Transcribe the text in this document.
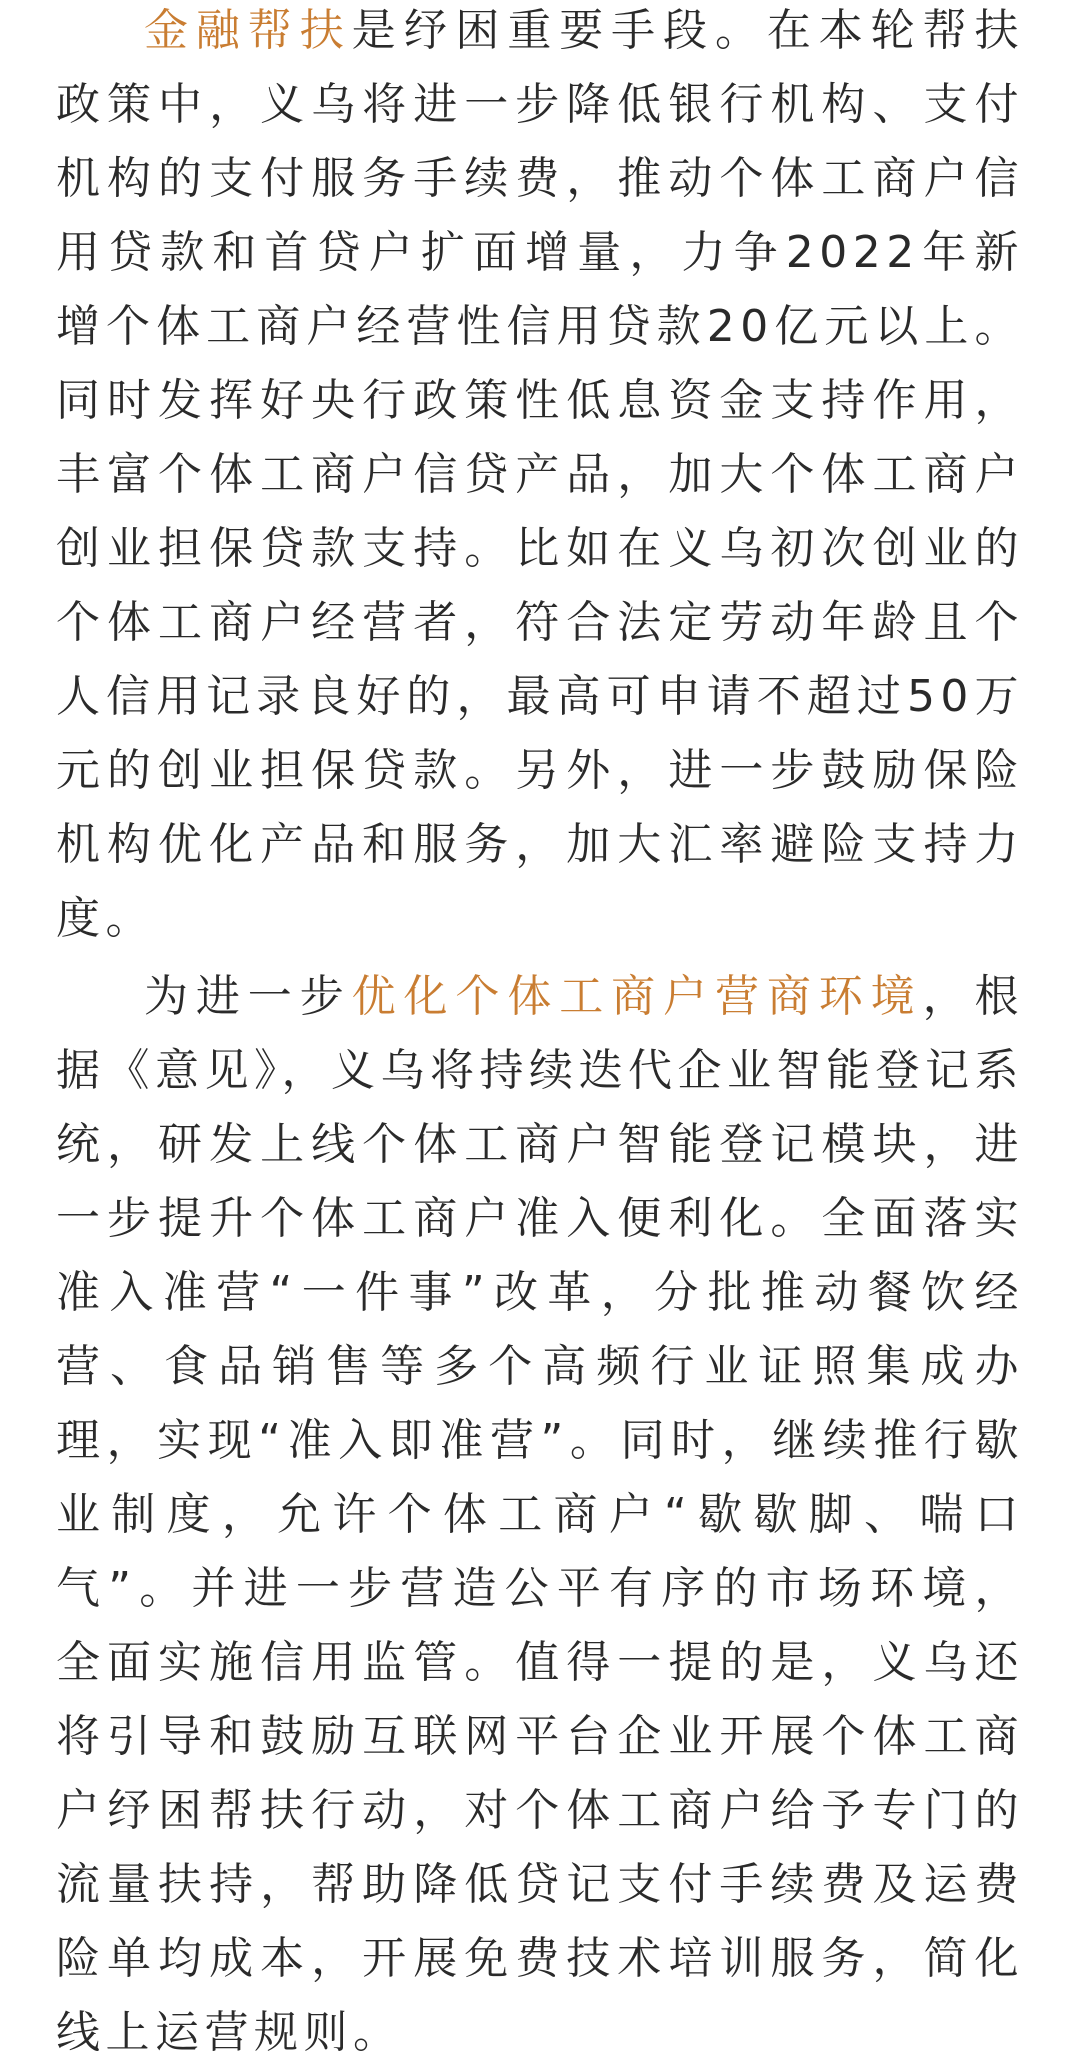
金融帮扶是纾困重要手段。在本轮帮扶政策中，义乌将进一步降低银行机构、支付机构的支付服务手续费，推动个体工商户信用贷款和首贷户扩面增量，力争2022年新增个体工商户经营性信用贷款20亿元以上。同时发挥好央行政策性低息资金支持作用，丰富个体工商户信贷产品，加大个体工商户创业担保贷款支持。比如在义乌初次创业的个体工商户经营者，符合法定劳动年龄且个人信用记录良好的，最高可申请不超过50万元的创业担保贷款。另外，进一步鼓励保险机构优化产品和服务，加大汇率避险支持力度。

为进一步优化个体工商户营商环境，根据《意见》，义乌将持续迭代企业智能登记系统，研发上线个体工商户智能登记模块，进一步提升个体工商户准入便利化。全面落实准入准营“一件事”改革，分批推动餐饮经营、食品销售等多个高频行业证照集成办理，实现“准入即准营”。同时，继续推行歇业制度，允许个体工商户“歇歇脚、喘口气”。并进一步营造公平有序的市场环境，全面实施信用监管。值得一提的是，义乌还将引导和鼓励互联网平台企业开展个体工商户纾困帮扶行动，对个体工商户给予专门的流量扶持，帮助降低贷记支付手续费及运费险单均成本，开展免费技术培训服务，简化线上运营规则。
